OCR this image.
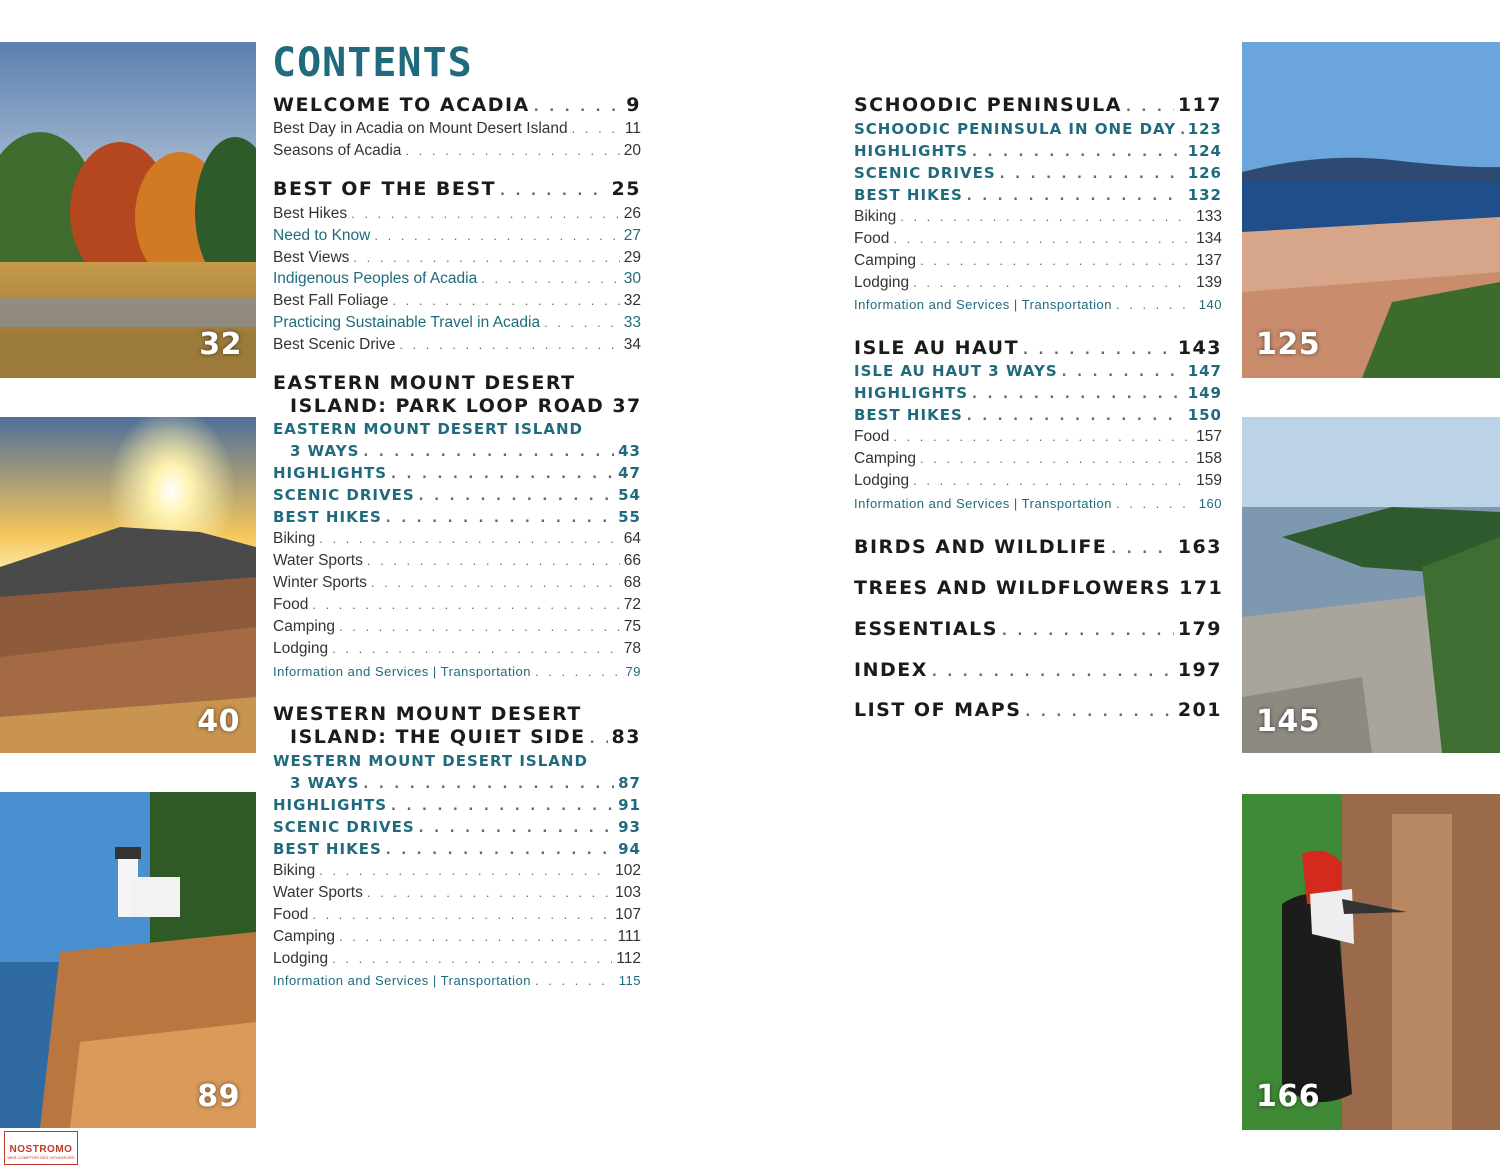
32
40
89
125
145
166
CONTENTS
WELCOME TO ACADIA . . .	9
Best Day in Acadia on Mount Desert Island . . .	11
Seasons of Acadia . . .	20
BEST OF THE BEST . . .	25
Best Hikes . . .	26
Need to Know . . .	27
Best Views . . .	29
Indigenous Peoples of Acadia . . .	30
Best Fall Foliage . . .	32
Practicing Sustainable Travel in Acadia . . .	33
Best Scenic Drive . . .	34
EASTERN MOUNT DESERT
ISLAND: PARK LOOP ROAD 37
EASTERN MOUNT DESERT ISLAND
3 WAYS . . .	43
HIGHLIGHTS . . .	47
SCENIC DRIVES . . .	54
BEST HIKES . . .	55
Biking . . .	64
Water Sports . . .	66
Winter Sports . . .	68
Food . . .	72
Camping . . .	75
Lodging . . .	78
Information and Services | Transportation . . .	79
WESTERN MOUNT DESERT
ISLAND: THE QUIET SIDE . . . 83
WESTERN MOUNT DESERT ISLAND
3 WAYS . . .	87
HIGHLIGHTS . . .	91
SCENIC DRIVES . . .	93
BEST HIKES . . .	94
Biking . . .	102
Water Sports . . .	103
Food . . .	107
Camping . . .	111
Lodging . . .	112
Information and Services | Transportation . . .	115
SCHOODIC PENINSULA . . .	117
SCHOODIC PENINSULA IN ONE DAY . . . 123
HIGHLIGHTS . . .	124
SCENIC DRIVES . . .	126
BEST HIKES . . .	132
Biking . . .	133
Food . . .	134
Camping . . .	137
Lodging . . .	139
Information and Services | Transportation . . .	140
ISLE AU HAUT . . .	143
ISLE AU HAUT 3 WAYS . . .	147
HIGHLIGHTS . . .	149
BEST HIKES . . .	150
Food . . .	157
Camping . . .	158
Lodging . . .	159
Information and Services | Transportation . . .	160
BIRDS AND WILDLIFE . . .	163
TREES AND WILDFLOWERS 171
ESSENTIALS . . .	179
INDEX . . .	197
LIST OF MAPS . . .	201
NOSTROMO
WEB COMPTOIR DES VOYAGEURS
